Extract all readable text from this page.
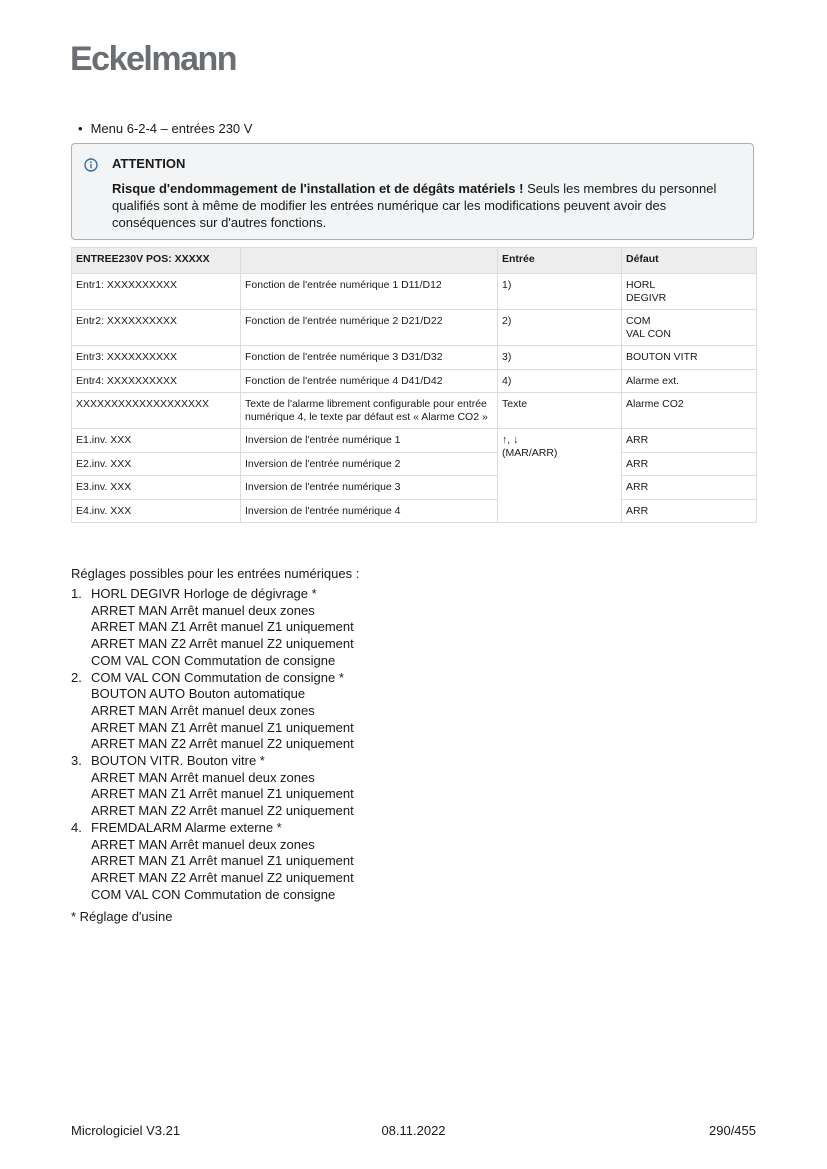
Eckelmann
• Menu 6-2-4 – entrées 230 V
ATTENTION
Risque d'endommagement de l'installation et de dégâts matériels ! Seuls les membres du personnel qualifiés sont à même de modifier les entrées numérique car les modifications peuvent avoir des conséquences sur d'autres fonctions.
ENTREE230V POS: XXXXX		Entrée	Défaut
Entr1: XXXXXXXXXX	Fonction de l'entrée numérique 1 D11/D12	1)	HORL
DEGIVR
Entr2: XXXXXXXXXX	Fonction de l'entrée numérique 2 D21/D22	2)	COM
VAL CON
Entr3: XXXXXXXXXX	Fonction de l'entrée numérique 3 D31/D32	3)	BOUTON VITR
Entr4: XXXXXXXXXX	Fonction de l'entrée numérique 4 D41/D42	4)	Alarme ext.
XXXXXXXXXXXXXXXXXXX	Texte de l'alarme librement configurable pour entrée numérique 4, le texte par défaut est « Alarme CO2 »	Texte	Alarme CO2
E1.inv. XXX	Inversion de l'entrée numérique 1	↑, ↓
(MAR/ARR)	ARR
E2.inv. XXX	Inversion de l'entrée numérique 2		ARR
E3.inv. XXX	Inversion de l'entrée numérique 3		ARR
E4.inv. XXX	Inversion de l'entrée numérique 4		ARR
Réglages possibles pour les entrées numériques :
1. HORL DEGIVR Horloge de dégivrage *
ARRET MAN Arrêt manuel deux zones
ARRET MAN Z1 Arrêt manuel Z1 uniquement
ARRET MAN Z2 Arrêt manuel Z2 uniquement
COM VAL CON Commutation de consigne
2. COM VAL CON Commutation de consigne *
BOUTON AUTO Bouton automatique
ARRET MAN Arrêt manuel deux zones
ARRET MAN Z1 Arrêt manuel Z1 uniquement
ARRET MAN Z2 Arrêt manuel Z2 uniquement
3. BOUTON VITR. Bouton vitre *
ARRET MAN Arrêt manuel deux zones
ARRET MAN Z1 Arrêt manuel Z1 uniquement
ARRET MAN Z2 Arrêt manuel Z2 uniquement
4. FREMDALARM Alarme externe *
ARRET MAN Arrêt manuel deux zones
ARRET MAN Z1 Arrêt manuel Z1 uniquement
ARRET MAN Z2 Arrêt manuel Z2 uniquement
COM VAL CON Commutation de consigne
* Réglage d'usine
Micrologiciel V3.21	08.11.2022	290/455
